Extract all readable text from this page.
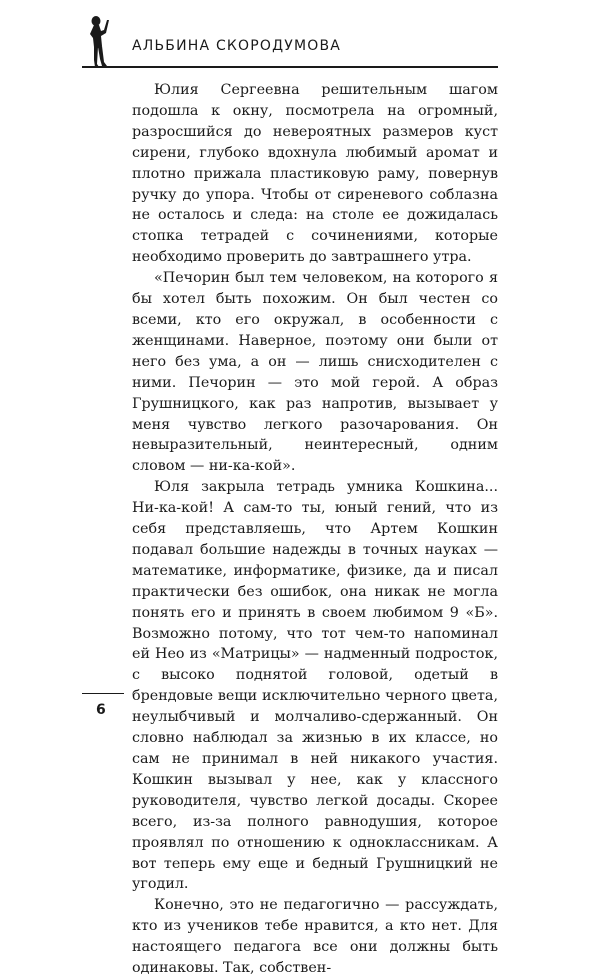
АЛЬБИНА СКОРОДУМОВА

Юлия Сергеевна решительным шагом подошла к окну, посмотрела на огромный, разросшийся до невероятных размеров куст сирени, глубоко вдохнула любимый аромат и плотно прижала пластиковую раму, повернув ручку до упора. Чтобы от сиреневого соблазна не осталось и следа: на столе ее дожидалась стопка тетрадей с сочинениями, которые необходимо проверить до завтрашнего утра.

«Печорин был тем человеком, на которого я бы хотел быть похожим. Он был честен со всеми, кто его окружал, в особенности с женщинами. Наверное, поэтому они были от него без ума, а он — лишь снисходителен с ними. Печорин — это мой герой. А образ Грушницкого, как раз напротив, вызывает у меня чувство легкого разочарования. Он невыразительный, неинтересный, одним словом — ни-ка-кой».

Юля закрыла тетрадь умника Кошкина... Ни-ка-кой! А сам-то ты, юный гений, что из себя представляешь, что Артем Кошкин подавал большие надежды в точных науках — математике, информатике, физике, да и писал практически без ошибок, она никак не могла понять его и принять в своем любимом 9 «Б». Возможно потому, что тот чем-то напоминал ей Нео из «Матрицы» — надменный подросток, с высоко поднятой головой, одетый в брендовые вещи исключительно черного цвета, неулыбчивый и молчаливо-сдержанный. Он словно наблюдал за жизнью в их классе, но сам не принимал в ней никакого участия. Кошкин вызывал у нее, как у классного руководителя, чувство легкой досады. Скорее всего, из-за полного равнодушия, которое проявлял по отношению к одноклассникам. А вот теперь ему еще и бедный Грушницкий не угодил.

Конечно, это не педагогично — рассуждать, кто из учеников тебе нравится, а кто нет. Для настоящего педагога все они должны быть одинаковы. Так, собствен-

6
